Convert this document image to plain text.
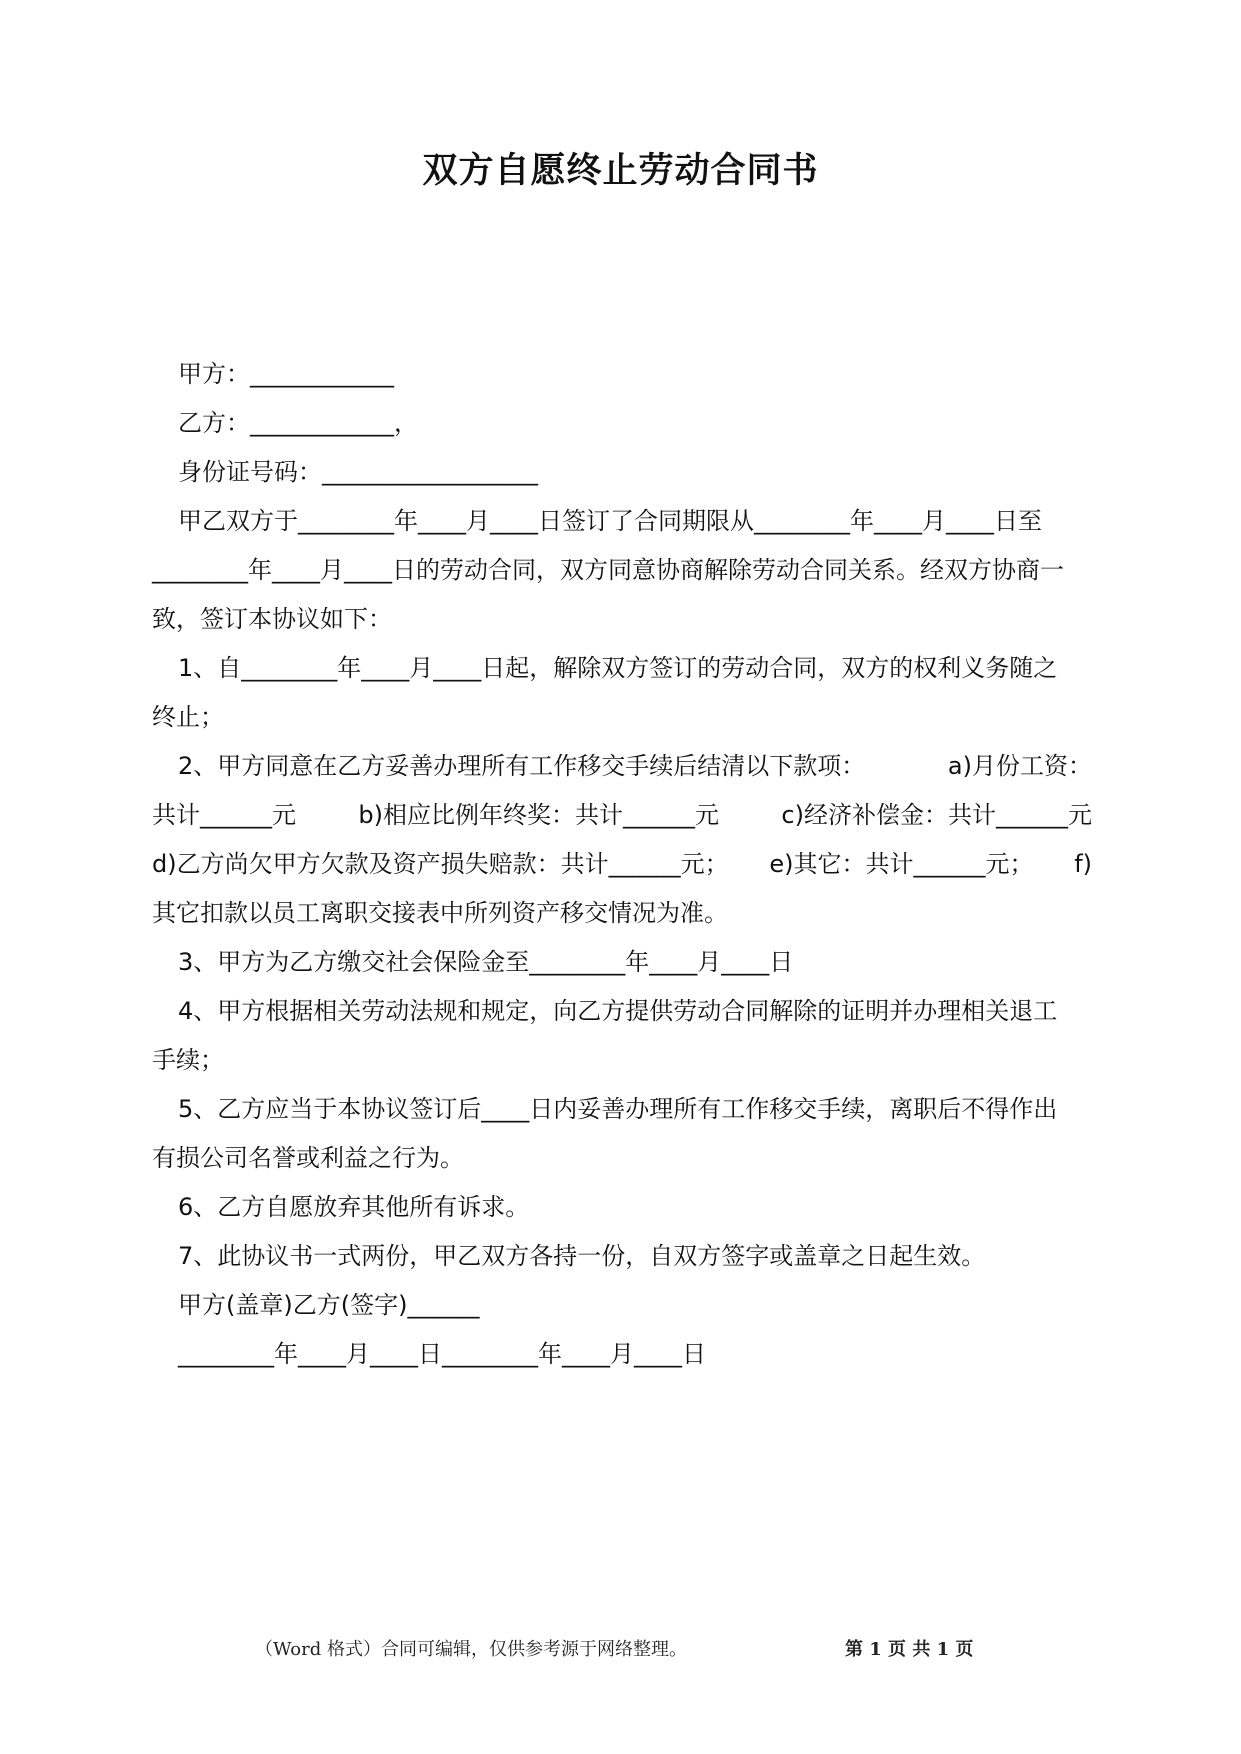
双方自愿终止劳动合同书
甲方：____________
乙方：____________，
身份证号码：__________________
甲乙双方于________年____月____日签订了合同期限从________年____月____日至
________年____月____日的劳动合同，双方同意协商解除劳动合同关系。经双方协商一
致，签订本协议如下：
1、自________年____月____日起，解除双方签订的劳动合同，双方的权利义务随之
终止；
2、甲方同意在乙方妥善办理所有工作移交手续后结清以下款项：	a)月份工资：
共计______元	b)相应比例年终奖：共计______元	c)经济补偿金：共计______元
d)乙方尚欠甲方欠款及资产损失赔款：共计______元； e)其它：共计______元； f)
其它扣款以员工离职交接表中所列资产移交情况为准。
3、甲方为乙方缴交社会保险金至________年____月____日
4、甲方根据相关劳动法规和规定，向乙方提供劳动合同解除的证明并办理相关退工
手续；
5、乙方应当于本协议签订后____日内妥善办理所有工作移交手续，离职后不得作出
有损公司名誉或利益之行为。
6、乙方自愿放弃其他所有诉求。
7、此协议书一式两份，甲乙双方各持一份，自双方签字或盖章之日起生效。
甲方(盖章)乙方(签字)______
________年____月____日________年____月____日
（Word 格式）合同可编辑，仅供参考源于网络整理。	第 1 页 共 1 页
